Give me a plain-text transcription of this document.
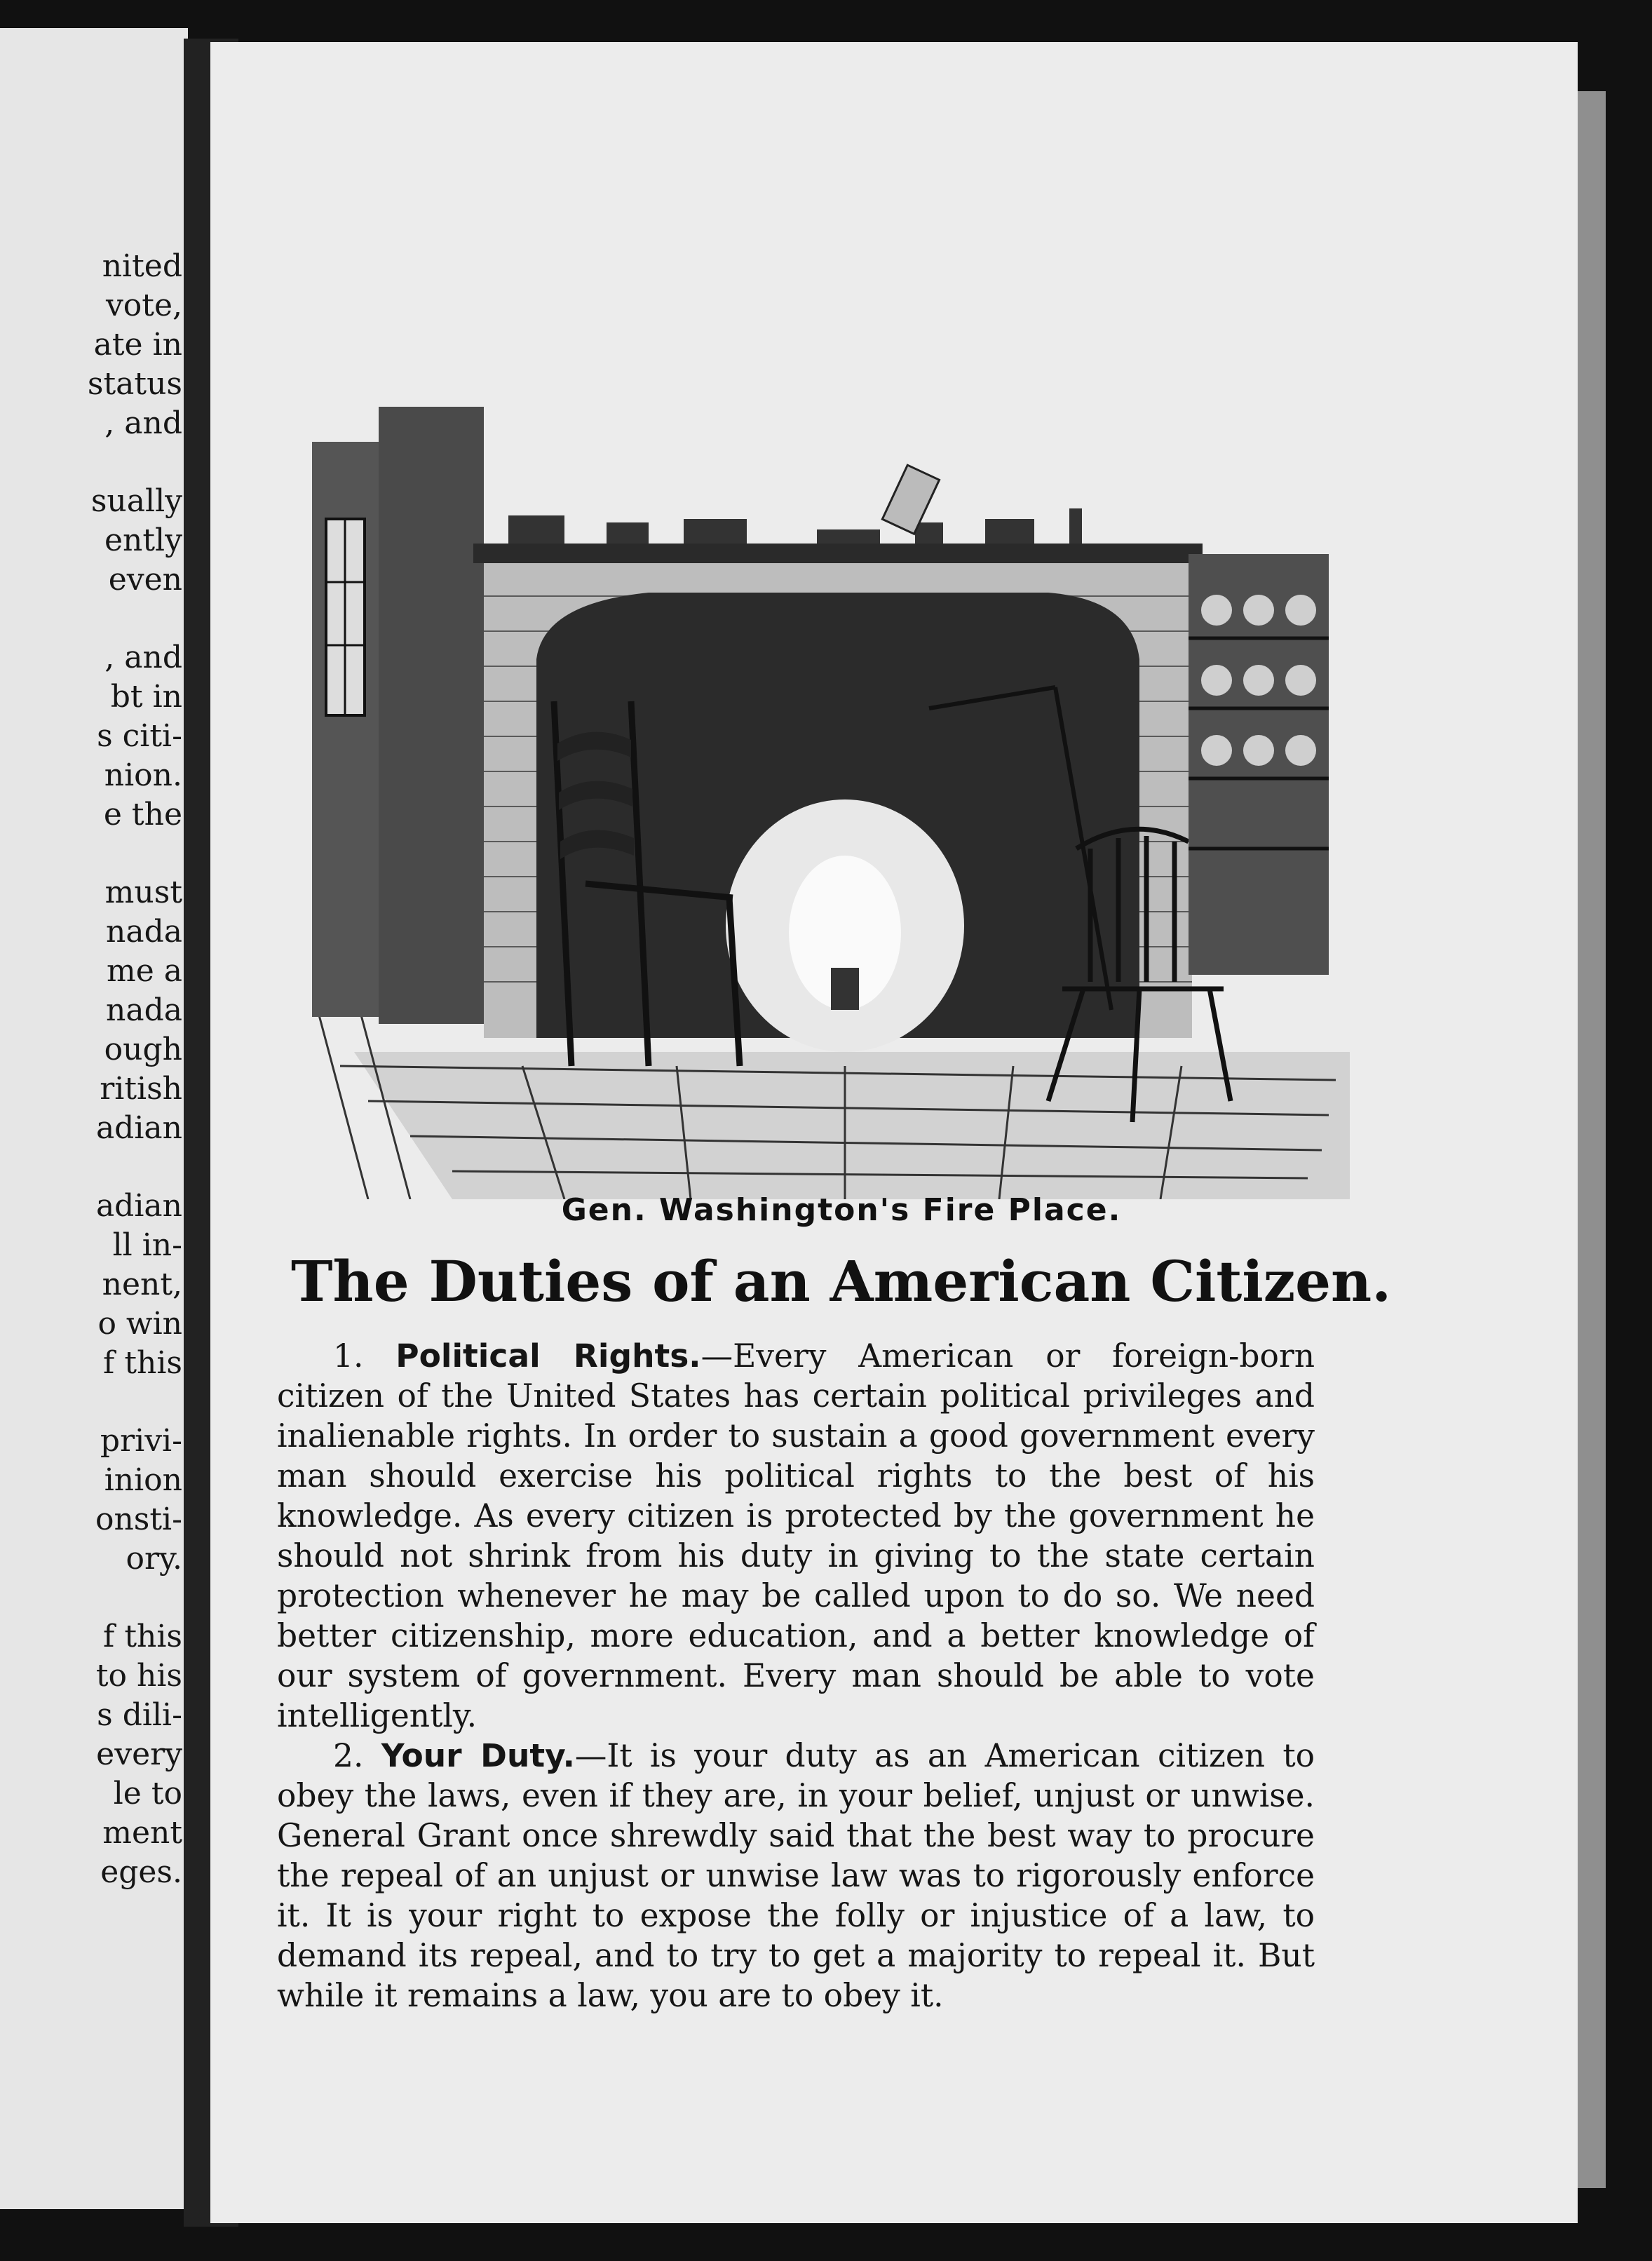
nited
vote,
ate in
status
, and
sually
ently
even
, and
bt in
s citi-
nion.
e the
must
nada
me a
nada
ough
ritish
adian
adian
ll in-
nent,
o win
f this
privi-
inion
onsti-
ory.
f this
to his
s dili-
every
le to
ment
eges.
Gen. Washington's Fire Place.
The Duties of an American Citizen.

1. Political Rights.—Every American or foreign-born citizen of the United States has certain political privileges and inalienable rights. In order to sustain a good government every man should exercise his political rights to the best of his knowledge. As every citizen is protected by the government he should not shrink from his duty in giving to the state certain protection whenever he may be called upon to do so. We need better citizenship, more education, and a better knowledge of our system of government. Every man should be able to vote intelligently.

2. Your Duty.—It is your duty as an American citizen to obey the laws, even if they are, in your belief, unjust or unwise. General Grant once shrewdly said that the best way to procure the repeal of an unjust or unwise law was to rigorously enforce it. It is your right to expose the folly or injustice of a law, to demand its repeal, and to try to get a majority to repeal it. But while it remains a law, you are to obey it.
